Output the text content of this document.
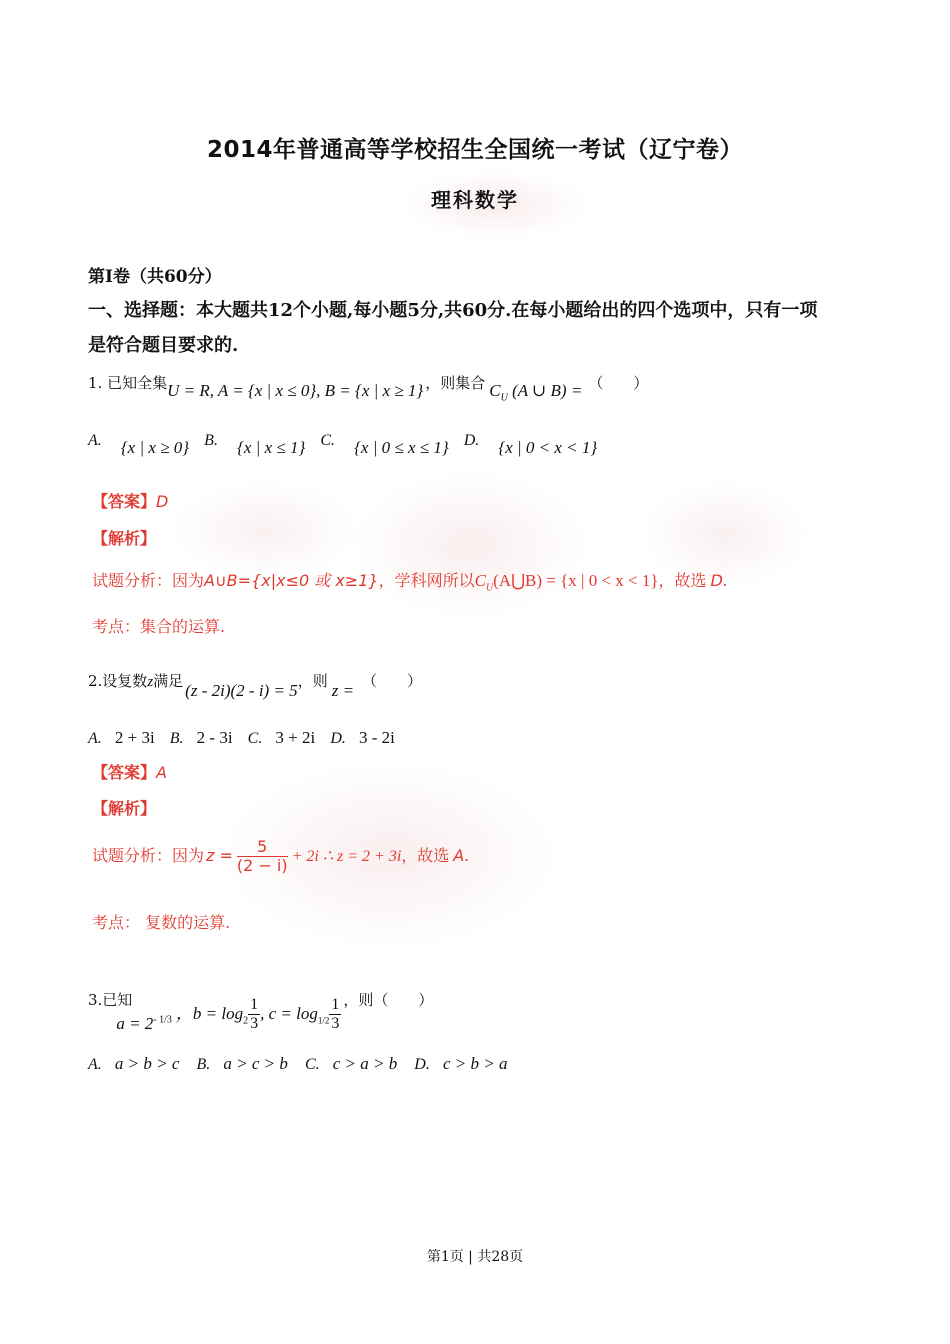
2014年普通高等学校招生全国统一考试（辽宁卷）
理科数学
第Ⅰ卷（共60分）
一、选择题：本大题共12个小题,每小题5分,共60分.在每小题给出的四个选项中，只有一项
是符合题目要求的.
1. 已知全集U = R, A = {x | x ≤ 0}, B = {x | x ≥ 1} ，则集合 $C_U$ (A ∪ B) = （　　）
A. {x | x ≥ 0} B. {x | x ≤ 1} C. {x | 0 ≤ x ≤ 1} D. {x | 0 < x < 1}
【答案】D
【解析】
试题分析：因为A∪B={x|x≤0 或 x≥1}，学科网所以$C_U(A⋃B) = \{x$ | 0 < x < 1}，故选 D.
考点：集合的运算.
2.设复数z满足 (z - 2i)(2 - i) = 5，则 z = （　　）
A. 2 + 3i B. 2 - 3i C. 3 + 2i D. 3 - 2i
【答案】A
【解析】
试题分析：因为 $z = \frac{5}{(2 - i)} + 2i$ ∴ z = 2 + 3i，故选 A.
考点： 复数的运算.
3.已知$a = 2^{- 1/3}$ ，$b = \log_2 \frac{1}{3}$ , $c = \log_{1/2} \frac{1}{3}$ ，则（　　）
A. a > b > c B. a > c > b C. c > a > b D. c > b > a
第1页 | 共28页
